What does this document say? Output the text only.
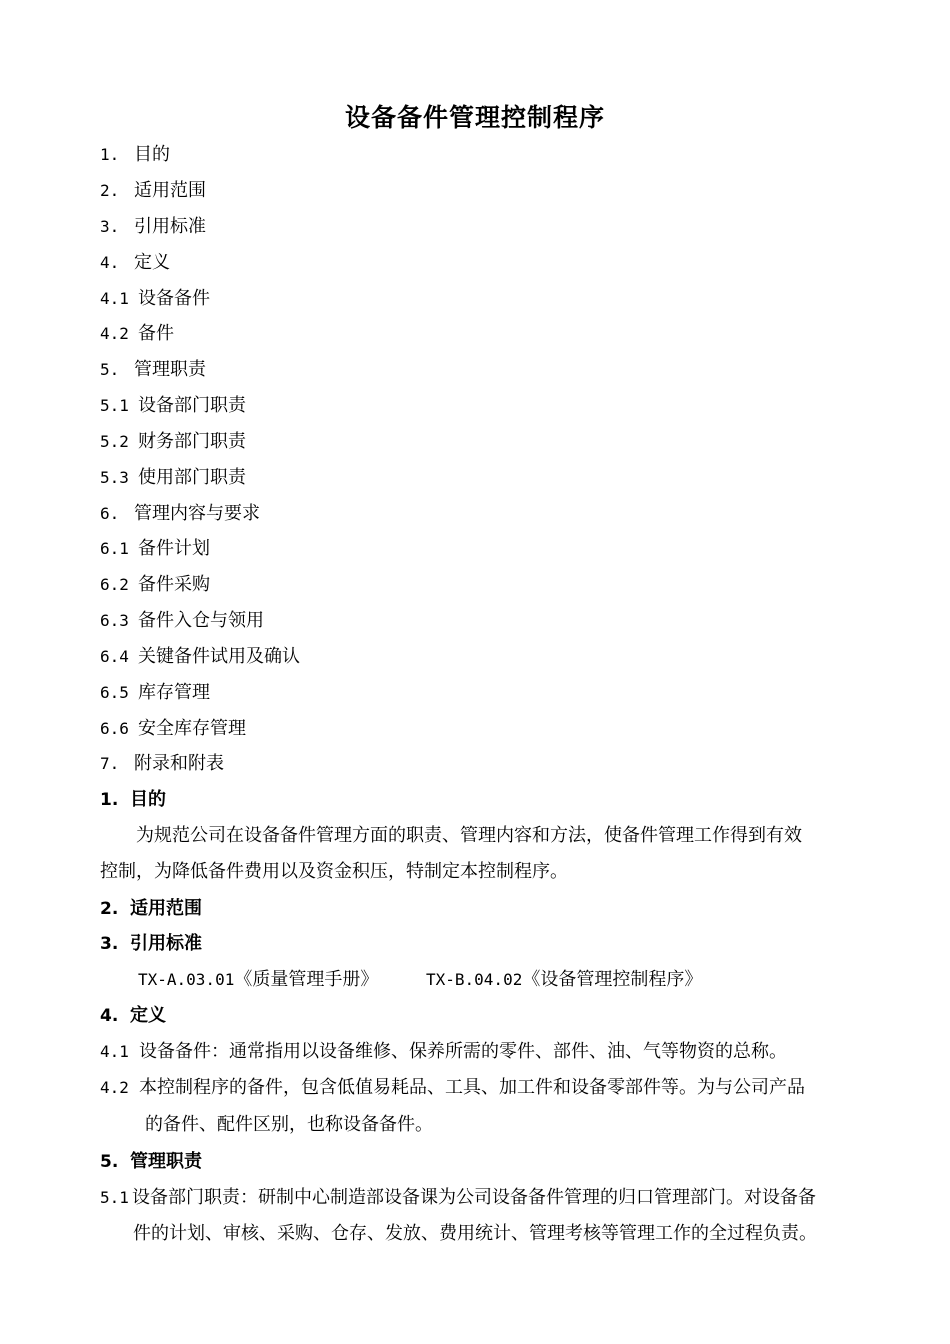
设备备件管理控制程序
1. 目的
2. 适用范围
3. 引用标准
4. 定义
4.1 设备备件
4.2 备件
5. 管理职责
5.1 设备部门职责
5.2 财务部门职责
5.3 使用部门职责
6. 管理内容与要求
6.1 备件计划
6.2 备件采购
6.3 备件入仓与领用
6.4 关键备件试用及确认
6.5 库存管理
6.6 安全库存管理
7. 附录和附表
1. 目的
为规范公司在设备备件管理方面的职责、管理内容和方法，使备件管理工作得到有效
控制，为降低备件费用以及资金积压，特制定本控制程序。
2. 适用范围
3. 引用标准
TX-A.03.01《质量管理手册》	TX-B.04.02《设备管理控制程序》
4. 定义
4.1 设备备件：通常指用以设备维修、保养所需的零件、部件、油、气等物资的总称。
4.2 本控制程序的备件，包含低值易耗品、工具、加工件和设备零部件等。为与公司产品
的备件、配件区别，也称设备备件。
5. 管理职责
5.1 设备部门职责：研制中心制造部设备课为公司设备备件管理的归口管理部门。对设备备
件的计划、审核、采购、仓存、发放、费用统计、管理考核等管理工作的全过程负责。
